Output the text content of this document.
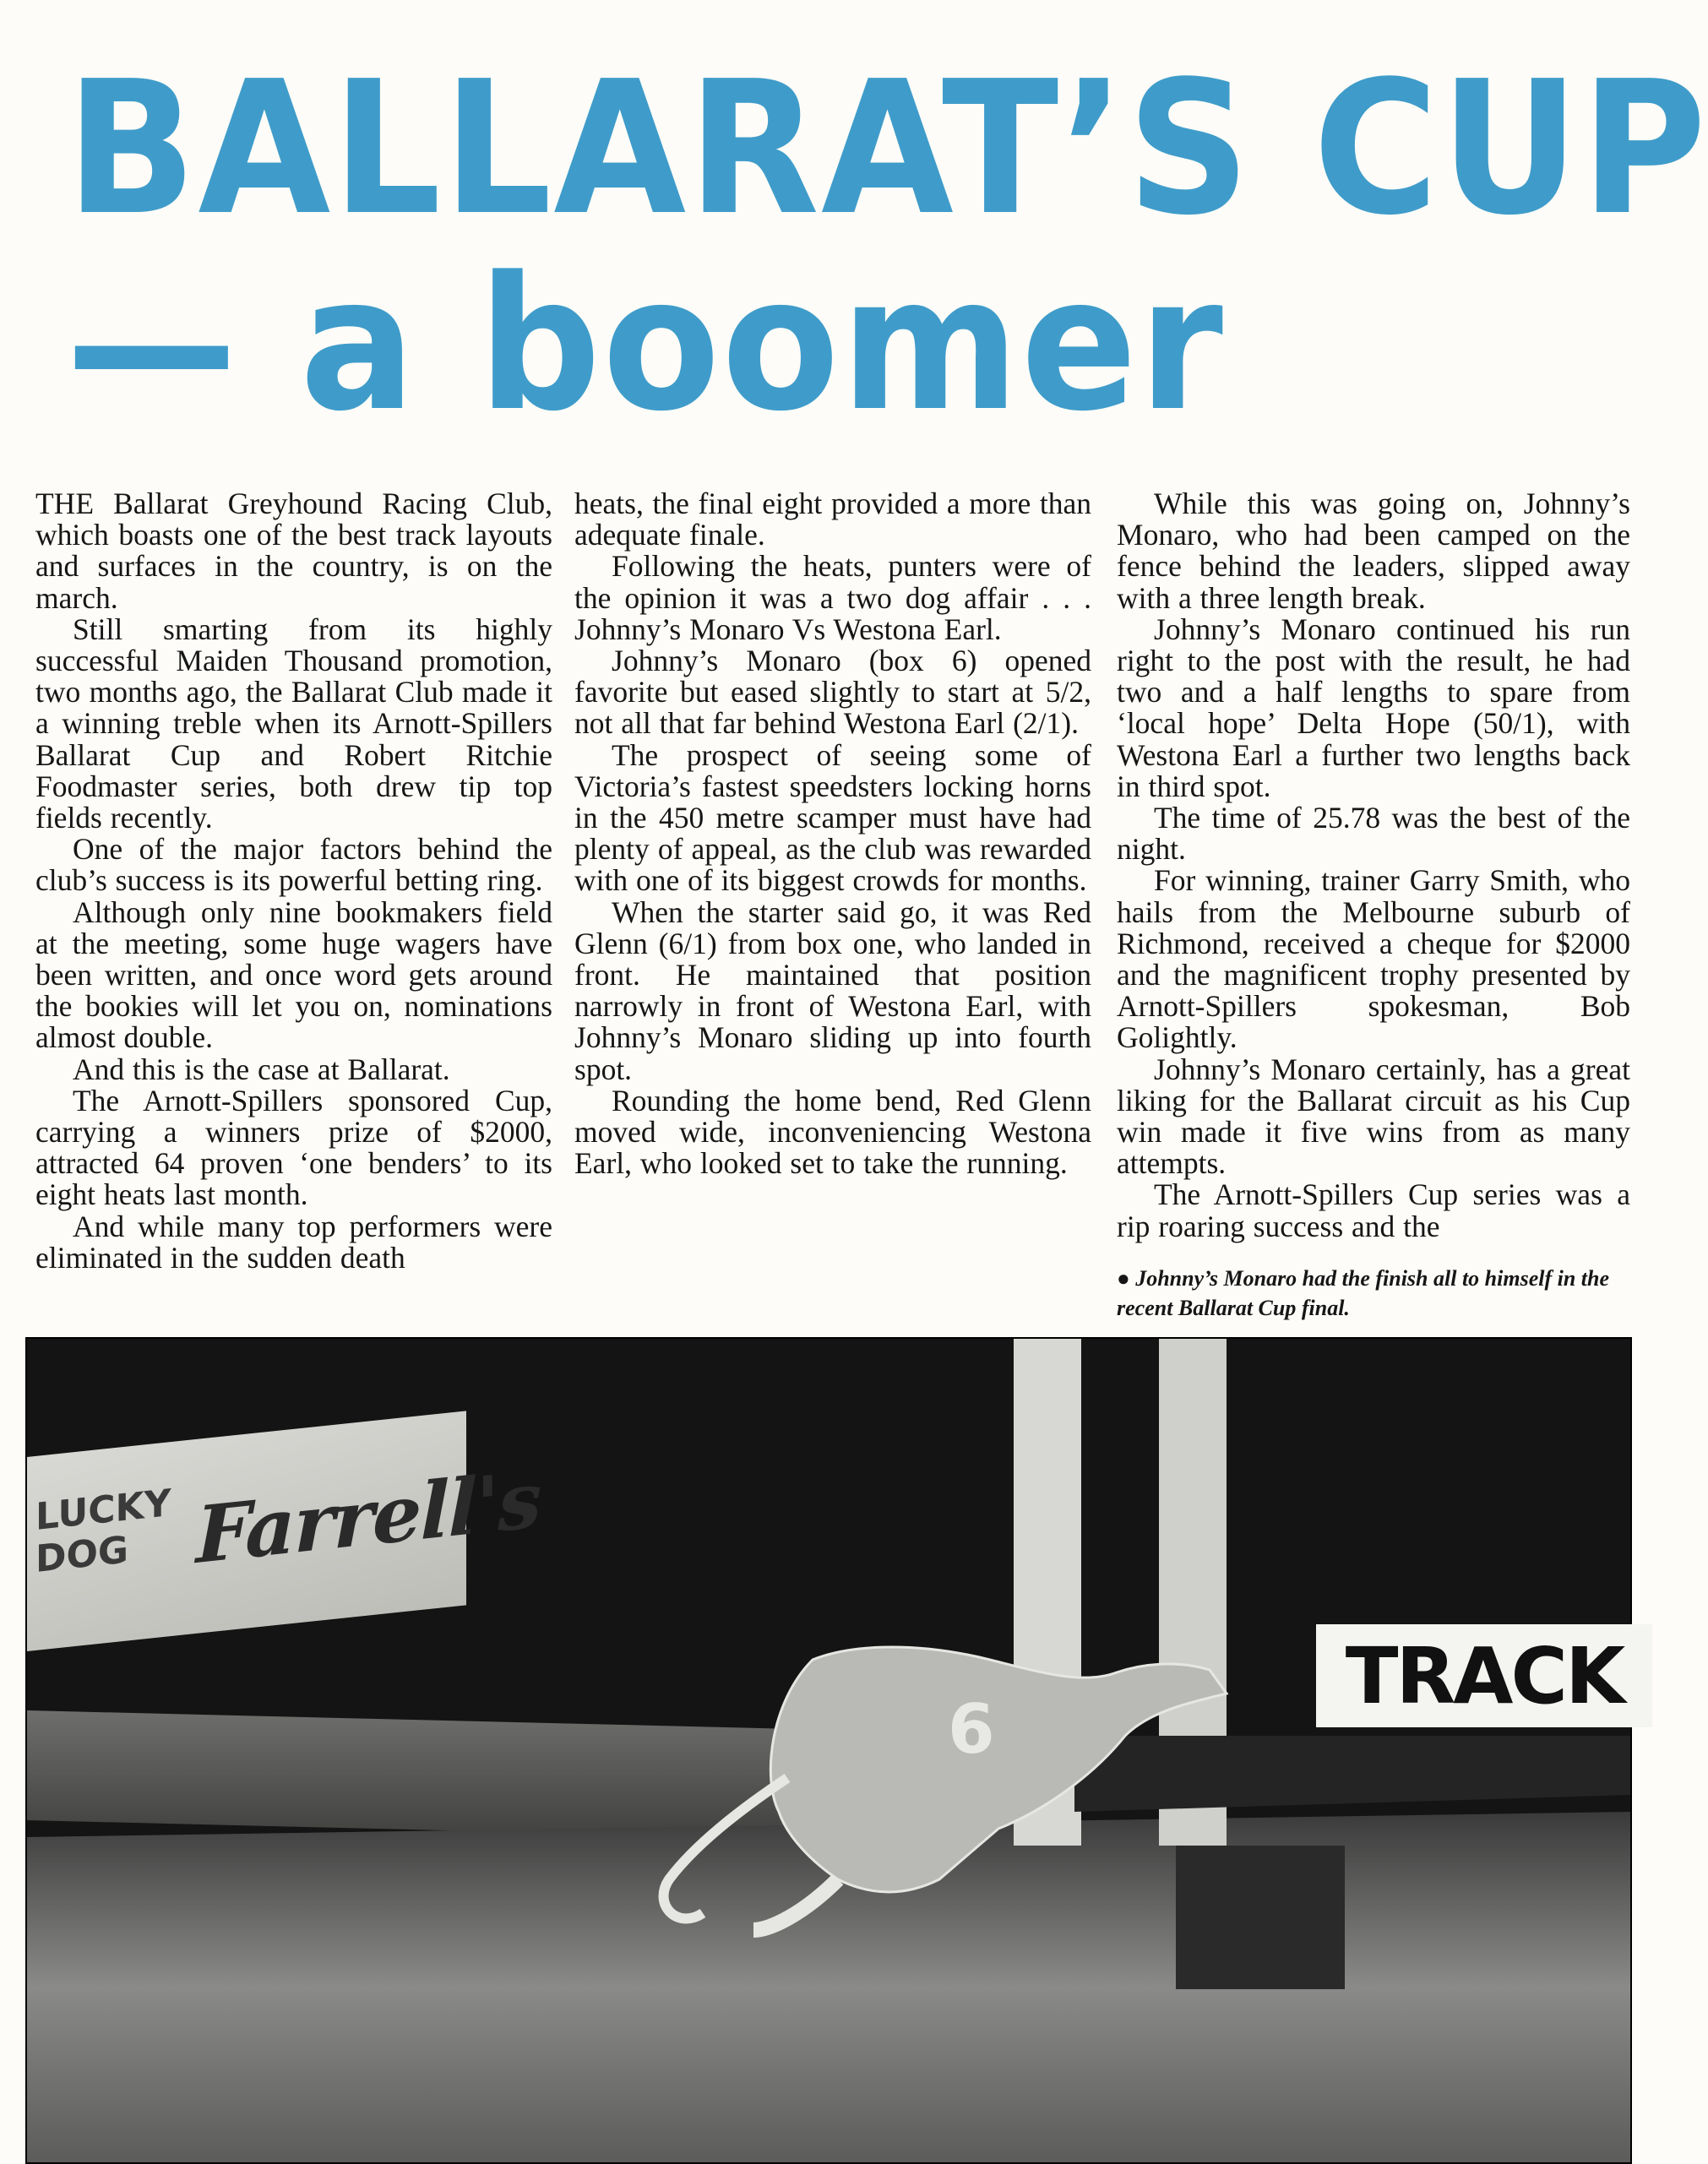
BALLARAT’S CUP
— a boomer

THE Ballarat Greyhound Racing Club, which boasts one of the best track layouts and surfaces in the country, is on the march.

Still smarting from its highly successful Maiden Thousand promotion, two months ago, the Ballarat Club made it a winning treble when its Arnott-Spillers Ballarat Cup and Robert Ritchie Foodmaster series, both drew tip top fields recently.

One of the major factors behind the club’s success is its powerful betting ring.

Although only nine bookmakers field at the meeting, some huge wagers have been written, and once word gets around the bookies will let you on, nominations almost double.

And this is the case at Ballarat.

The Arnott-Spillers sponsored Cup, carrying a winners prize of $2000, attracted 64 proven ‘one benders’ to its eight heats last month.

And while many top performers were eliminated in the sudden death

heats, the final eight provided a more than adequate finale.

Following the heats, punters were of the opinion it was a two dog affair . . . Johnny’s Monaro Vs Westona Earl.

Johnny’s Monaro (box 6) opened favorite but eased slightly to start at 5/2, not all that far behind Westona Earl (2/1).

The prospect of seeing some of Victoria’s fastest speedsters locking horns in the 450 metre scamper must have had plenty of appeal, as the club was rewarded with one of its biggest crowds for months.

When the starter said go, it was Red Glenn (6/1) from box one, who landed in front. He maintained that position narrowly in front of Westona Earl, with Johnny’s Monaro sliding up into fourth spot.

Rounding the home bend, Red Glenn moved wide, inconveniencing Westona Earl, who looked set to take the running.

While this was going on, Johnny’s Monaro, who had been camped on the fence behind the leaders, slipped away with a three length break.

Johnny’s Monaro continued his run right to the post with the result, he had two and a half lengths to spare from ‘local hope’ Delta Hope (50/1), with Westona Earl a further two lengths back in third spot.

The time of 25.78 was the best of the night.

For winning, trainer Garry Smith, who hails from the Melbourne suburb of Richmond, received a cheque for $2000 and the magnificent trophy presented by Arnott-Spillers spokesman, Bob Golightly.

Johnny’s Monaro certainly, has a great liking for the Ballarat circuit as his Cup win made it five wins from as many attempts.

The Arnott-Spillers Cup series was a rip roaring success and the

● Johnny’s Monaro had the finish all to himself in the recent Ballarat Cup final.
6
LUCKY DOG Farrell's
TRACK
